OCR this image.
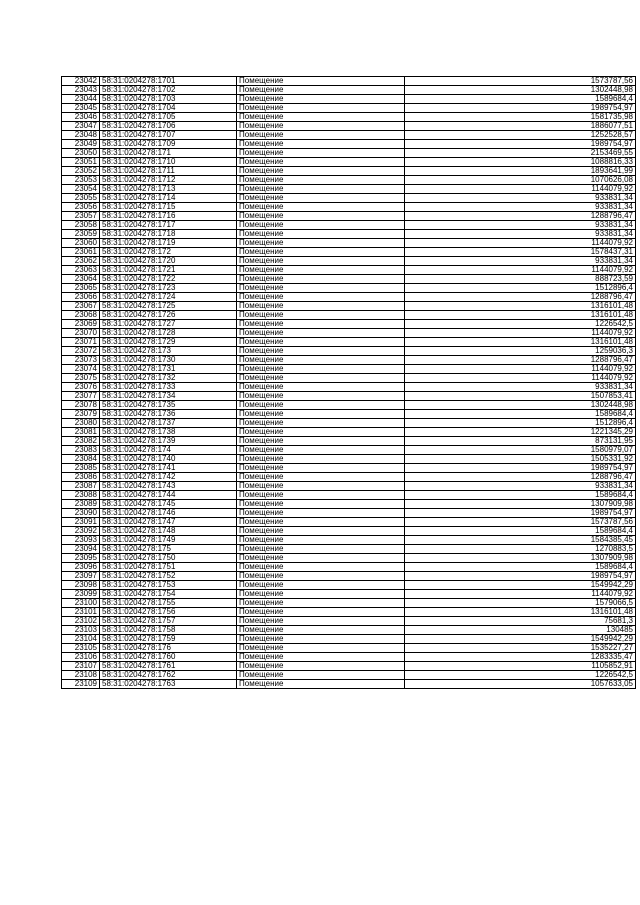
23042	58:31:0204278:1701	Помещение	1573787,56
23043	58:31:0204278:1702	Помещение	1302448,98
23044	58:31:0204278:1703	Помещение	1589684,4
23045	58:31:0204278:1704	Помещение	1989754,97
23046	58:31:0204278:1705	Помещение	1581735,98
23047	58:31:0204278:1706	Помещение	1886077,51
23048	58:31:0204278:1707	Помещение	1252528,57
23049	58:31:0204278:1709	Помещение	1989754,97
23050	58:31:0204278:171	Помещение	2153469,55
23051	58:31:0204278:1710	Помещение	1088816,33
23052	58:31:0204278:1711	Помещение	1893641,99
23053	58:31:0204278:1712	Помещение	1070626,08
23054	58:31:0204278:1713	Помещение	1144079,92
23055	58:31:0204278:1714	Помещение	933831,34
23056	58:31:0204278:1715	Помещение	933831,34
23057	58:31:0204278:1716	Помещение	1288796,47
23058	58:31:0204278:1717	Помещение	933831,34
23059	58:31:0204278:1718	Помещение	933831,34
23060	58:31:0204278:1719	Помещение	1144079,92
23061	58:31:0204278:172	Помещение	1578437,31
23062	58:31:0204278:1720	Помещение	933831,34
23063	58:31:0204278:1721	Помещение	1144079,92
23064	58:31:0204278:1722	Помещение	888723,59
23065	58:31:0204278:1723	Помещение	1512896,4
23066	58:31:0204278:1724	Помещение	1288796,47
23067	58:31:0204278:1725	Помещение	1316101,48
23068	58:31:0204278:1726	Помещение	1316101,48
23069	58:31:0204278:1727	Помещение	1226542,5
23070	58:31:0204278:1728	Помещение	1144079,92
23071	58:31:0204278:1729	Помещение	1316101,48
23072	58:31:0204278:173	Помещение	1259036,3
23073	58:31:0204278:1730	Помещение	1288796,47
23074	58:31:0204278:1731	Помещение	1144079,92
23075	58:31:0204278:1732	Помещение	1144079,92
23076	58:31:0204278:1733	Помещение	933831,34
23077	58:31:0204278:1734	Помещение	1507853,41
23078	58:31:0204278:1735	Помещение	1302448,98
23079	58:31:0204278:1736	Помещение	1589684,4
23080	58:31:0204278:1737	Помещение	1512896,4
23081	58:31:0204278:1738	Помещение	1221345,29
23082	58:31:0204278:1739	Помещение	873131,95
23083	58:31:0204278:174	Помещение	1580979,07
23084	58:31:0204278:1740	Помещение	1505331,92
23085	58:31:0204278:1741	Помещение	1989754,97
23086	58:31:0204278:1742	Помещение	1288796,47
23087	58:31:0204278:1743	Помещение	933831,34
23088	58:31:0204278:1744	Помещение	1589684,4
23089	58:31:0204278:1745	Помещение	1307909,98
23090	58:31:0204278:1746	Помещение	1989754,97
23091	58:31:0204278:1747	Помещение	1573787,56
23092	58:31:0204278:1748	Помещение	1589684,4
23093	58:31:0204278:1749	Помещение	1584385,45
23094	58:31:0204278:175	Помещение	1270883,5
23095	58:31:0204278:1750	Помещение	1307909,98
23096	58:31:0204278:1751	Помещение	1589684,4
23097	58:31:0204278:1752	Помещение	1989754,97
23098	58:31:0204278:1753	Помещение	1549942,29
23099	58:31:0204278:1754	Помещение	1144079,92
23100	58:31:0204278:1755	Помещение	1579066,5
23101	58:31:0204278:1756	Помещение	1316101,48
23102	58:31:0204278:1757	Помещение	75681,3
23103	58:31:0204278:1758	Помещение	130485
23104	58:31:0204278:1759	Помещение	1549942,29
23105	58:31:0204278:176	Помещение	1535227,27
23106	58:31:0204278:1760	Помещение	1283335,47
23107	58:31:0204278:1761	Помещение	1105852,91
23108	58:31:0204278:1762	Помещение	1226542,5
23109	58:31:0204278:1763	Помещение	1057633,05
